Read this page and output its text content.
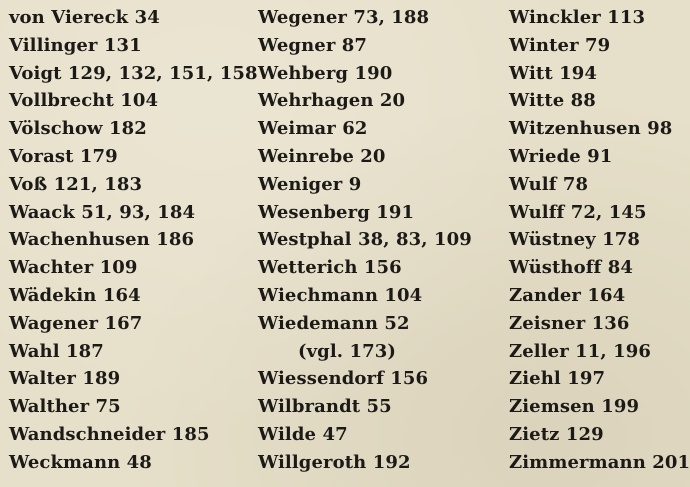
von Viereck 34
Villinger 131
Voigt 129, 132, 151, 158
Vollbrecht 104
Völschow 182
Vorast 179
Voß 121, 183
Waack 51, 93, 184
Wachenhusen 186
Wachter 109
Wädekin 164
Wagener 167
Wahl 187
Walter 189
Walther 75
Wandschneider 185
Weckmann 48
Wegener 73, 188
Wegner 87
Wehberg 190
Wehrhagen 20
Weimar 62
Weinrebe 20
Weniger 9
Wesenberg 191
Westphal 38, 83, 109
Wetterich 156
Wiechmann 104
Wiedemann 52
(vgl. 173)
Wiessendorf 156
Wilbrandt 55
Wilde 47
Willgeroth 192
Winckler 113
Winter 79
Witt 194
Witte 88
Witzenhusen 98
Wriede 91
Wulf 78
Wulff 72, 145
Wüstney 178
Wüsthoff 84
Zander 164
Zeisner 136
Zeller 11, 196
Ziehl 197
Ziemsen 199
Zietz 129
Zimmermann 201
